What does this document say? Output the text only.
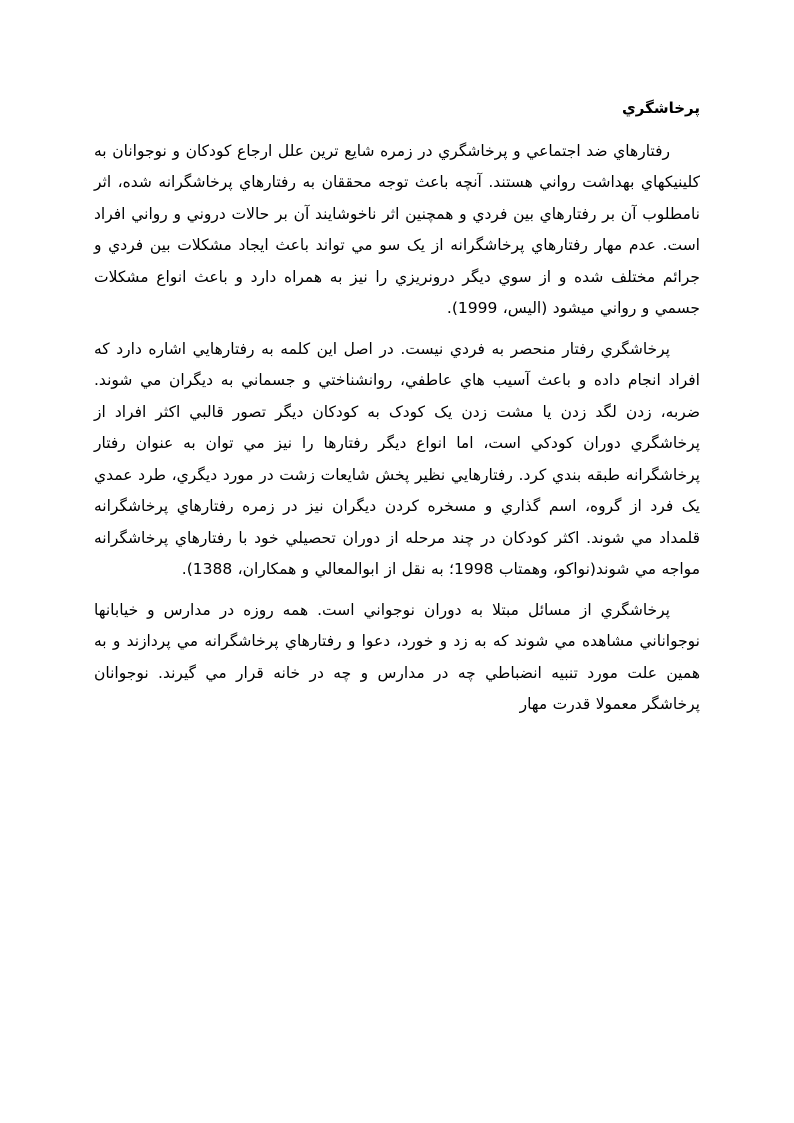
پرخاشگري

رفتارهاي ضد اجتماعي و پرخاشگري در زمره شايع ترين علل ارجاع کودکان و نوجوانان به کلينيکهاي بهداشت رواني هستند. آنچه باعث توجه محققان به رفتارهاي پرخاشگرانه شده، اثر نامطلوب آن بر رفتارهاي بين فردي و همچنين اثر ناخوشايند آن بر حالات دروني و رواني افراد است. عدم مهار رفتارهاي پرخاشگرانه از يک سو مي تواند باعث ايجاد مشکلات بين فردي و جرائم مختلف شده و از سوي ديگر درونريزي را نيز به همراه دارد و باعث انواع مشکلات جسمي و رواني ميشود (اليس، 1999).

پرخاشگري رفتار منحصر به فردي نيست. در اصل اين کلمه به رفتارهايي اشاره دارد که افراد انجام داده و باعث آسيب هاي عاطفي، روانشناختي و جسماني به ديگران مي شوند. ضربه، زدن لگد زدن يا مشت زدن يک کودک به کودکان ديگر تصور قالبي اکثر افراد از پرخاشگري دوران کودکي است، اما انواع ديگر رفتارها را نيز مي توان به عنوان رفتار پرخاشگرانه طبقه بندي کرد. رفتارهايي نظير پخش شايعات زشت در مورد ديگري، طرد عمدي يک فرد از گروه، اسم گذاري و مسخره کردن ديگران نيز در زمره رفتارهاي پرخاشگرانه قلمداد مي شوند. اکثر کودکان در چند مرحله از دوران تحصيلي خود با رفتارهاي پرخاشگرانه مواجه مي شوند(نواکو، وهمتاب 1998؛ به نقل از ابوالمعالي و همکاران، 1388).

پرخاشگري از مسائل مبتلا به دوران نوجواني است. همه روزه در مدارس و خيابانها نوجواناني مشاهده مي شوند که به زد و خورد، دعوا و رفتارهاي پرخاشگرانه مي پردازند و به همين علت مورد تنبيه انضباطي چه در مدارس و چه در خانه قرار مي گيرند. نوجوانان پرخاشگر معمولا قدرت مهار
